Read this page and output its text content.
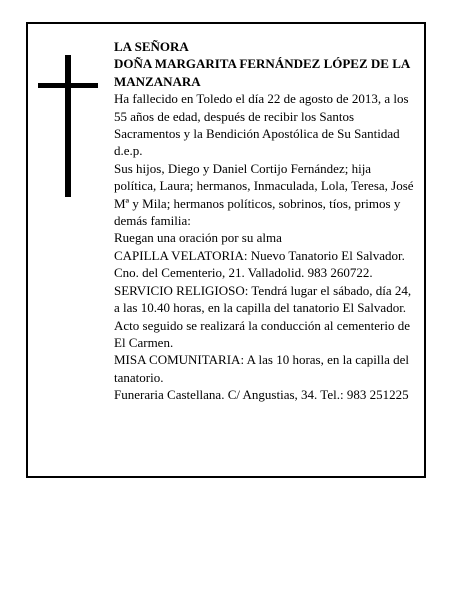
LA SEÑORA

DOÑA MARGARITA FERNÁNDEZ LÓPEZ DE LA MANZANARA

Ha fallecido en Toledo el día 22 de agosto de 2013, a los 55 años de edad, después de recibir los Santos Sacramentos y la Bendición Apostólica de Su Santidad d.e.p.

Sus hijos, Diego y Daniel Cortijo Fernández; hija política, Laura; hermanos, Inmaculada, Lola, Teresa, José Mª y Mila; hermanos políticos, sobrinos, tíos, primos y demás familia:

Ruegan una oración por su alma

CAPILLA VELATORIA: Nuevo Tanatorio El Salvador. Cno. del Cementerio, 21. Valladolid. 983 260722.

SERVICIO RELIGIOSO: Tendrá lugar el sábado, día 24, a las 10.40 horas, en la capilla del tanatorio El Salvador. Acto seguido se realizará la conducción al cementerio de El Carmen.

MISA COMUNITARIA: A las 10 horas, en la capilla del tanatorio.

Funeraria Castellana. C/ Angustias, 34. Tel.: 983 251225
